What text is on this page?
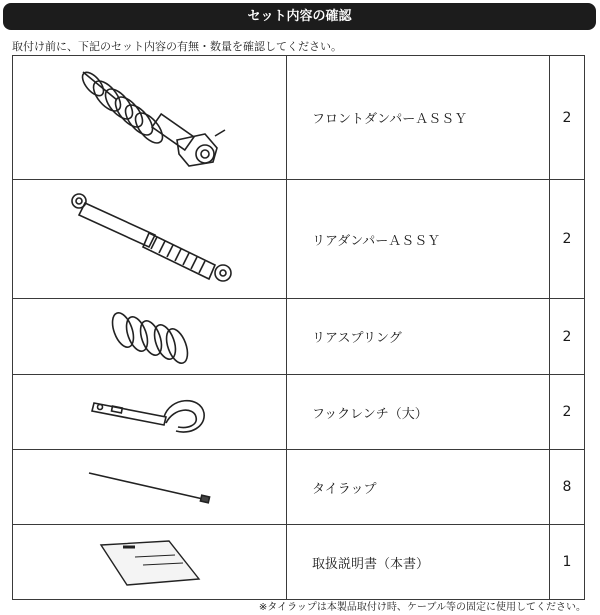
セット内容の確認
取付け前に、下記のセット内容の有無・数量を確認してください。
	フロントダンパーＡＳＳＹ	2

	リアダンパーＡＳＳＹ	2

	リアスプリング	2

	フックレンチ（大）	2

	タイラップ	8

	取扱説明書（本書）	1
※タイラップは本製品取付け時、ケーブル等の固定に使用してください。
